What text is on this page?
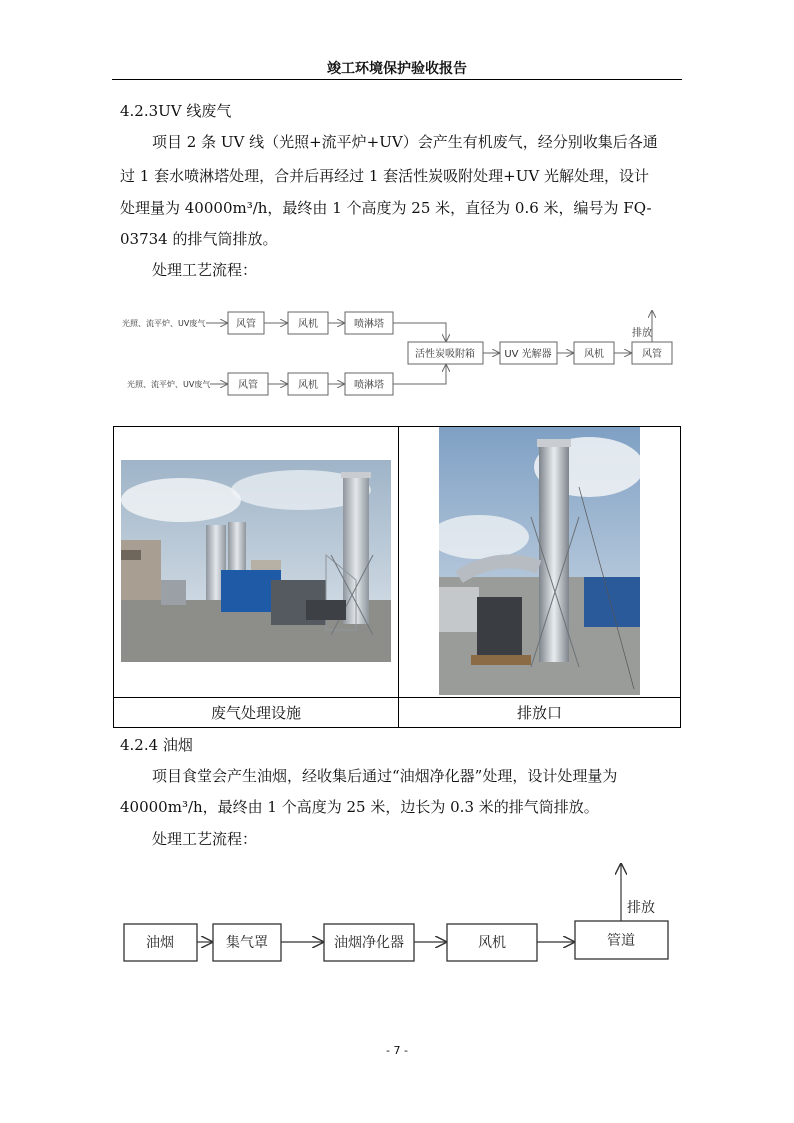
竣工环境保护验收报告
4.2.3UV 线废气
项目 2 条 UV 线（光照+流平炉+UV）会产生有机废气，经分别收集后各通
过 1 套水喷淋塔处理，合并后再经过 1 套活性炭吸附处理+UV 光解处理，设计
处理量为 40000m³/h，最终由 1 个高度为 25 米，直径为 0.6 米，编号为 FQ-
03734 的排气筒排放。
处理工艺流程：
光照、流平炉、UV废气
光照、流平炉、UV废气
风管	风机	喷淋塔
风管	风机	喷淋塔
活性炭吸附箱	UV 光解器	风机	风管
排放
废气处理设施	排放口
4.2.4 油烟
项目食堂会产生油烟，经收集后通过“油烟净化器”处理，设计处理量为
40000m³/h，最终由 1 个高度为 25 米，边长为 0.3 米的排气筒排放。
处理工艺流程：
油烟	集气罩	油烟净化器	风机	管道
排放
- 7 -
